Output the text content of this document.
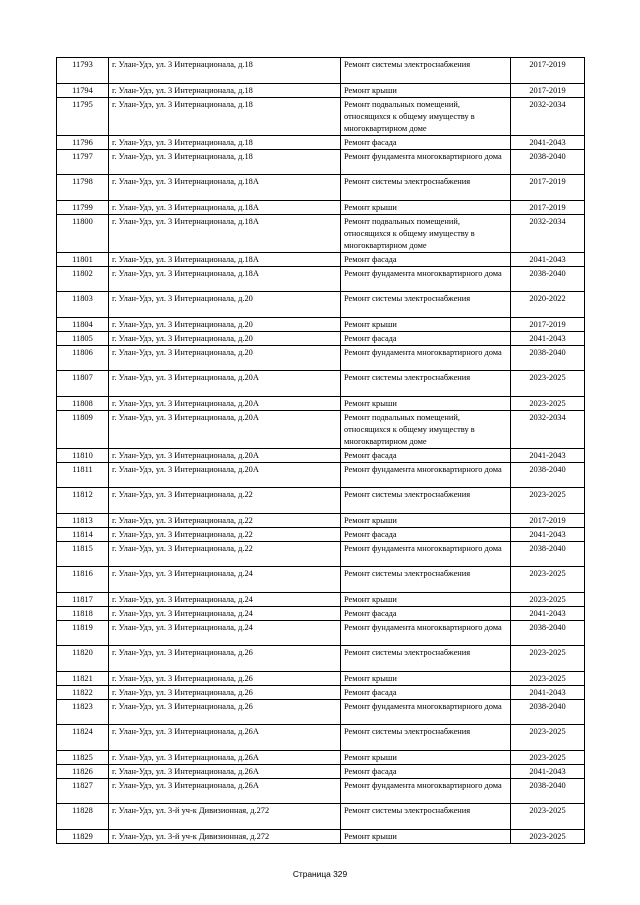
11793	г. Улан-Удэ, ул. 3 Интернационала, д.18	Ремонт системы электроснабжения	2017-2019
11794	г. Улан-Удэ, ул. 3 Интернационала, д.18	Ремонт крыши	2017-2019
11795	г. Улан-Удэ, ул. 3 Интернационала, д.18	Ремонт подвальных помещений, относящихся к общему имуществу в многоквартирном доме	2032-2034
11796	г. Улан-Удэ, ул. 3 Интернационала, д.18	Ремонт фасада	2041-2043
11797	г. Улан-Удэ, ул. 3 Интернационала, д.18	Ремонт фундамента многоквартирного дома	2038-2040
11798	г. Улан-Удэ, ул. 3 Интернационала, д.18А	Ремонт системы электроснабжения	2017-2019
11799	г. Улан-Удэ, ул. 3 Интернационала, д.18А	Ремонт крыши	2017-2019
11800	г. Улан-Удэ, ул. 3 Интернационала, д.18А	Ремонт подвальных помещений, относящихся к общему имуществу в многоквартирном доме	2032-2034
11801	г. Улан-Удэ, ул. 3 Интернационала, д.18А	Ремонт фасада	2041-2043
11802	г. Улан-Удэ, ул. 3 Интернационала, д.18А	Ремонт фундамента многоквартирного дома	2038-2040
11803	г. Улан-Удэ, ул. 3 Интернационала, д.20	Ремонт системы электроснабжения	2020-2022
11804	г. Улан-Удэ, ул. 3 Интернационала, д.20	Ремонт крыши	2017-2019
11805	г. Улан-Удэ, ул. 3 Интернационала, д.20	Ремонт фасада	2041-2043
11806	г. Улан-Удэ, ул. 3 Интернационала, д.20	Ремонт фундамента многоквартирного дома	2038-2040
11807	г. Улан-Удэ, ул. 3 Интернационала, д.20А	Ремонт системы электроснабжения	2023-2025
11808	г. Улан-Удэ, ул. 3 Интернационала, д.20А	Ремонт крыши	2023-2025
11809	г. Улан-Удэ, ул. 3 Интернационала, д.20А	Ремонт подвальных помещений, относящихся к общему имуществу в многоквартирном доме	2032-2034
11810	г. Улан-Удэ, ул. 3 Интернационала, д.20А	Ремонт фасада	2041-2043
11811	г. Улан-Удэ, ул. 3 Интернационала, д.20А	Ремонт фундамента многоквартирного дома	2038-2040
11812	г. Улан-Удэ, ул. 3 Интернационала, д.22	Ремонт системы электроснабжения	2023-2025
11813	г. Улан-Удэ, ул. 3 Интернационала, д.22	Ремонт крыши	2017-2019
11814	г. Улан-Удэ, ул. 3 Интернационала, д.22	Ремонт фасада	2041-2043
11815	г. Улан-Удэ, ул. 3 Интернационала, д.22	Ремонт фундамента многоквартирного дома	2038-2040
11816	г. Улан-Удэ, ул. 3 Интернационала, д.24	Ремонт системы электроснабжения	2023-2025
11817	г. Улан-Удэ, ул. 3 Интернационала, д.24	Ремонт крыши	2023-2025
11818	г. Улан-Удэ, ул. 3 Интернационала, д.24	Ремонт фасада	2041-2043
11819	г. Улан-Удэ, ул. 3 Интернационала, д.24	Ремонт фундамента многоквартирного дома	2038-2040
11820	г. Улан-Удэ, ул. 3 Интернационала, д.26	Ремонт системы электроснабжения	2023-2025
11821	г. Улан-Удэ, ул. 3 Интернационала, д.26	Ремонт крыши	2023-2025
11822	г. Улан-Удэ, ул. 3 Интернационала, д.26	Ремонт фасада	2041-2043
11823	г. Улан-Удэ, ул. 3 Интернационала, д.26	Ремонт фундамента многоквартирного дома	2038-2040
11824	г. Улан-Удэ, ул. 3 Интернационала, д.26А	Ремонт системы электроснабжения	2023-2025
11825	г. Улан-Удэ, ул. 3 Интернационала, д.26А	Ремонт крыши	2023-2025
11826	г. Улан-Удэ, ул. 3 Интернационала, д.26А	Ремонт фасада	2041-2043
11827	г. Улан-Удэ, ул. 3 Интернационала, д.26А	Ремонт фундамента многоквартирного дома	2038-2040
11828	г. Улан-Удэ, ул. 3-й уч-к Дивизионная, д.272	Ремонт системы электроснабжения	2023-2025
11829	г. Улан-Удэ, ул. 3-й уч-к Дивизионная, д.272	Ремонт крыши	2023-2025
Страница 329
